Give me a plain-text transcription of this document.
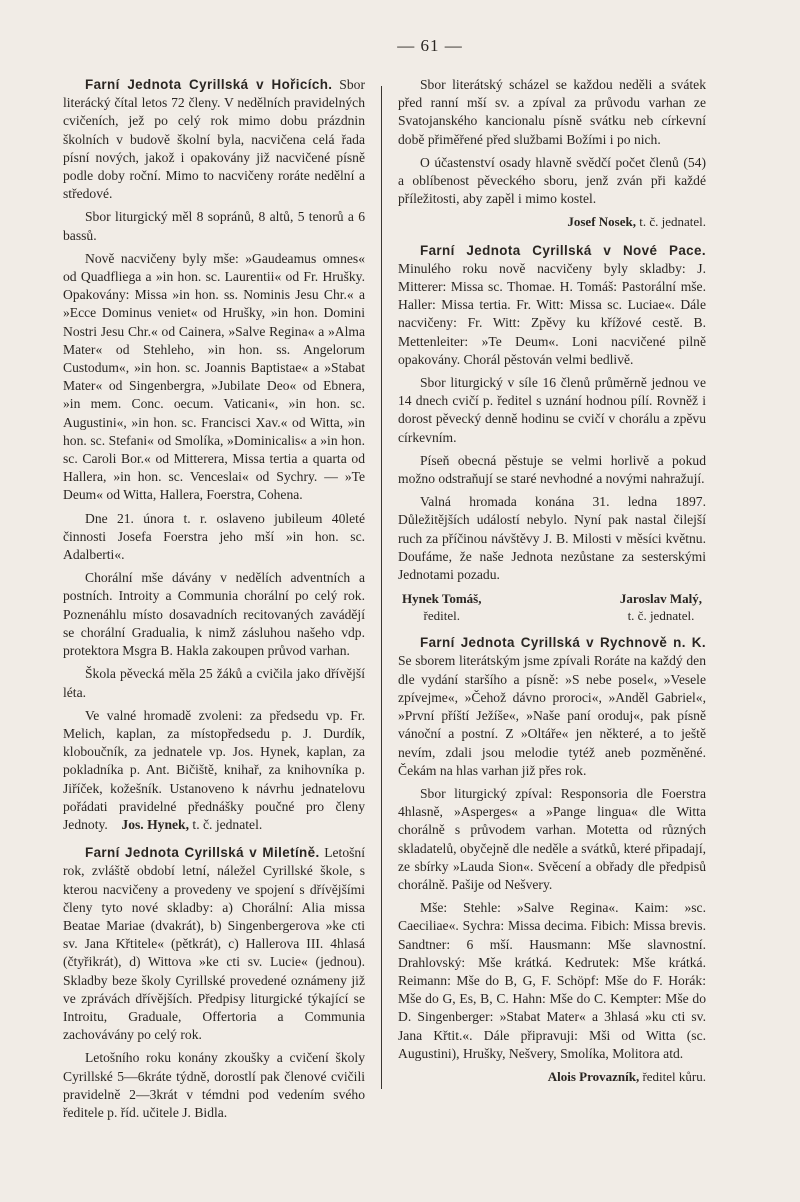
— 61 —

Farní Jednota Cyrillská v Hořicích. Sbor literácký čítal letos 72 členy. V nedělních pravidelných cvičeních, jež po celý rok mimo dobu prázdnin školních v budově školní byla, nacvičena celá řada písní nových, jakož i opakovány již nacvičené písně podle doby roční. Mimo to nacvičeny roráte nedělní a středové.

Sbor liturgický měl 8 sopránů, 8 altů, 5 tenorů a 6 bassů.

Nově nacvičeny byly mše: »Gaudeamus omnes« od Quadfliega a »in hon. sc. Laurentii« od Fr. Hrušky. Opakovány: Missa »in hon. ss. Nominis Jesu Chr.« a »Ecce Dominus veniet« od Hrušky, »in hon. Domini Nostri Jesu Chr.« od Cainera, »Salve Regina« a »Alma Mater« od Stehleho, »in hon. ss. Angelorum Custodum«, »in hon. sc. Joannis Baptistae« a »Stabat Mater« od Singenbergra, »Jubilate Deo« od Ebnera, »in mem. Conc. oecum. Vaticani«, »in hon. sc. Augustini«, »in hon. sc. Francisci Xav.« od Witta, »in hon. sc. Stefani« od Smolíka, »Dominicalis« a »in hon. sc. Caroli Bor.« od Mitterera, Missa tertia a quarta od Hallera, »in hon. sc. Venceslai« od Sychry. — »Te Deum« od Witta, Hallera, Foerstra, Cohena.

Dne 21. února t. r. oslaveno jubileum 40leté činnosti Josefa Foerstra jeho mší »in hon. sc. Adalberti«.

Chorální mše dávány v nedělích adventních a postních. Introity a Communia chorální po celý rok. Poznenáhlu místo dosavadních recitovaných zavádějí se chorální Gradualia, k nimž zásluhou našeho vdp. protektora Msgra B. Hakla zakoupen průvod varhan.

Škola pěvecká měla 25 žáků a cvičila jako dřívější léta.

Ve valné hromadě zvoleni: za předsedu vp. Fr. Melich, kaplan, za místopředsedu p. J. Durdík, kloboučník, za jednatele vp. Jos. Hynek, kaplan, za pokladníka p. Ant. Bičiště, knihař, za knihovníka p. Jiříček, kožešník. Ustanoveno k návrhu jednatelovu pořádati pravidelné přednášky poučné pro členy Jednoty. Jos. Hynek, t. č. jednatel.

Farní Jednota Cyrillská v Miletíně. Letošní rok, zvláště období letní, náležel Cyrillské škole, s kterou nacvičeny a provedeny ve spojení s dřívějšími členy tyto nové skladby: a) Chorální: Alia missa Beatae Mariae (dvakrát), b) Singenbergerova »ke cti sv. Jana Křtitele« (pětkrát), c) Hallerova III. 4hlasá (čtyřikrát), d) Wittova »ke cti sv. Lucie« (jednou). Skladby beze školy Cyrillské provedené oznámeny již ve zprávách dřívějších. Předpisy liturgické týkající se Introitu, Graduale, Offertoria a Communia zachovávány po celý rok.

Letošního roku konány zkoušky a cvičení školy Cyrillské 5—6kráte týdně, dorostlí pak členové cvičili pravidelně 2—3krát v témdni pod vedením svého ředitele p. říd. učitele J. Bidla.

Sbor literátský scházel se každou neděli a svátek před ranní mší sv. a zpíval za průvodu varhan ze Svatojanského kancionalu písně svátku neb církevní době přiměřené před službami Božími i po nich.

O účastenství osady hlavně svědčí počet členů (54) a oblíbenost pěveckého sboru, jenž zván při každé příležitosti, aby zapěl i mimo kostel.

Josef Nosek, t. č. jednatel.

Farní Jednota Cyrillská v Nové Pace. Minulého roku nově nacvičeny byly skladby: J. Mitterer: Missa sc. Thomae. H. Tomáš: Pastorální mše. Haller: Missa tertia. Fr. Witt: Missa sc. Luciae«. Dále nacvičeny: Fr. Witt: Zpěvy ku křížové cestě. B. Mettenleiter: »Te Deum«. Loni nacvičené pilně opakovány. Chorál pěstován velmi bedlivě.

Sbor liturgický v síle 16 členů průměrně jednou ve 14 dnech cvičí p. ředitel s uznání hodnou pílí. Rovněž i dorost pěvecký denně hodinu se cvičí v chorálu a zpěvu církevním.

Píseň obecná pěstuje se velmi horlivě a pokud možno odstraňují se staré nevhodné a novými nahražují.

Valná hromada konána 31. ledna 1897. Důležitějších událostí nebylo. Nyní pak nastal čilejší ruch za příčinou návštěvy J. B. Milosti v měsíci květnu. Doufáme, že naše Jednota nezůstane za sesterskými Jednotami pozadu.

Hynek Tomáš,
ředitel.
Jaroslav Malý,
t. č. jednatel.

Farní Jednota Cyrillská v Rychnově n. K. Se sborem literátským jsme zpívali Roráte na každý den dle vydání staršího a písně: »S nebe posel«, »Vesele zpívejme«, »Čehož dávno proroci«, »Anděl Gabriel«, »První příští Ježíše«, »Naše paní oroduj«, pak písně vánoční a postní. Z »Oltáře« jen některé, a to ještě nevím, zdali jsou melodie tytéž aneb pozměněné. Čekám na hlas varhan již přes rok.

Sbor liturgický zpíval: Responsoria dle Foerstra 4hlasně, »Asperges« a »Pange lingua« dle Witta chorálně s průvodem varhan. Motetta od různých skladatelů, obyčejně dle neděle a svátků, které připadají, ze sbírky »Lauda Sion«. Svěcení a obřady dle předpisů chorálně. Pašije od Nešvery.

Mše: Stehle: »Salve Regina«. Kaim: »sc. Caeciliae«. Sychra: Missa decima. Fibich: Missa brevis. Sandtner: 6 mší. Hausmann: Mše slavnostní. Drahlovský: Mše krátká. Kedrutek: Mše krátká. Reimann: Mše do B, G, F. Schöpf: Mše do F. Horák: Mše do G, Es, B, C. Hahn: Mše do C. Kempter: Mše do D. Singenberger: »Stabat Mater« a 3hlasá »ku cti sv. Jana Křtit.«. Dále připravuji: Mši od Witta (sc. Augustini), Hrušky, Nešvery, Smolíka, Molitora atd.

Alois Provazník, ředitel kůru.
